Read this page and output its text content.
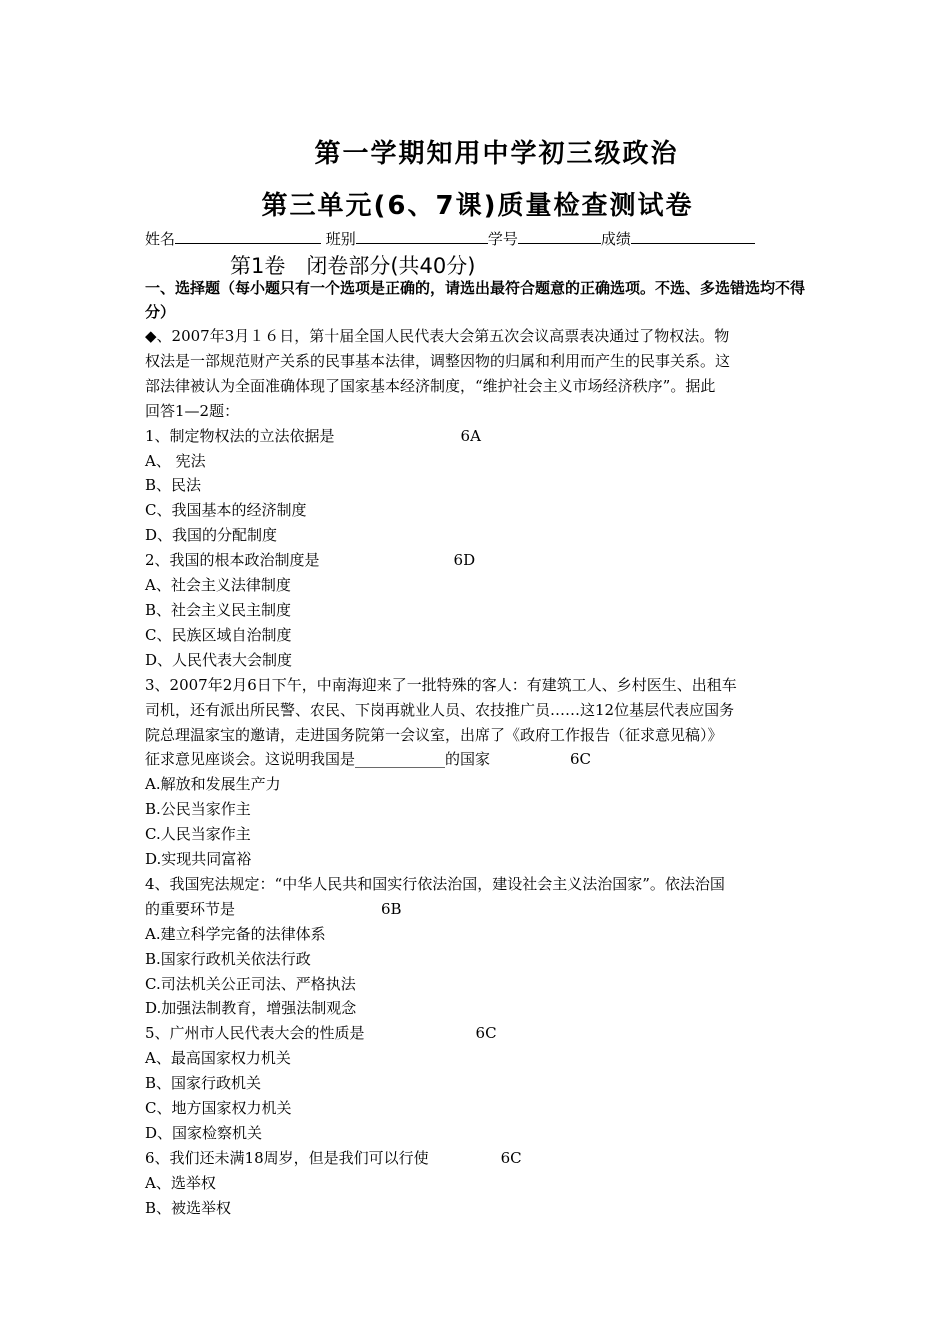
第一学期知用中学初三级政治
第三单元(6、7课)质量检查测试卷
姓名	班别	学号	成绩
第1卷　闭卷部分(共40分)
一、选择题（每小题只有一个选项是正确的，请选出最符合题意的正确选项。不选、多选错选均不得分）
◆、2007年3月１６日，第十届全国人民代表大会第五次会议高票表决通过了物权法。物
权法是一部规范财产关系的民事基本法律，调整因物的归属和利用而产生的民事关系。这
部法律被认为全面准确体现了国家基本经济制度，“维护社会主义市场经济秩序”。据此
回答1—2题：
1、制定物权法的立法依据是	6A
A、 宪法
B、民法
C、我国基本的经济制度
D、我国的分配制度
2、我国的根本政治制度是	6D
A、社会主义法律制度
B、社会主义民主制度
C、民族区域自治制度
D、人民代表大会制度
3、2007年2月6日下午，中南海迎来了一批特殊的客人：有建筑工人、乡村医生、出租车
司机，还有派出所民警、农民、下岗再就业人员、农技推广员……这12位基层代表应国务
院总理温家宝的邀请，走进国务院第一会议室，出席了《政府工作报告（征求意见稿）》
征求意见座谈会。这说明我国是____________的国家	6C
A.解放和发展生产力
B.公民当家作主
C.人民当家作主
D.实现共同富裕
4、我国宪法规定：“中华人民共和国实行依法治国，建设社会主义法治国家”。依法治国
的重要环节是	6B
A.建立科学完备的法律体系
B.国家行政机关依法行政
C.司法机关公正司法、严格执法
D.加强法制教育，增强法制观念
5、广州市人民代表大会的性质是	6C
A、最高国家权力机关
B、国家行政机关
C、地方国家权力机关
D、国家检察机关
6、我们还未满18周岁，但是我们可以行使	6C
A、选举权
B、被选举权
